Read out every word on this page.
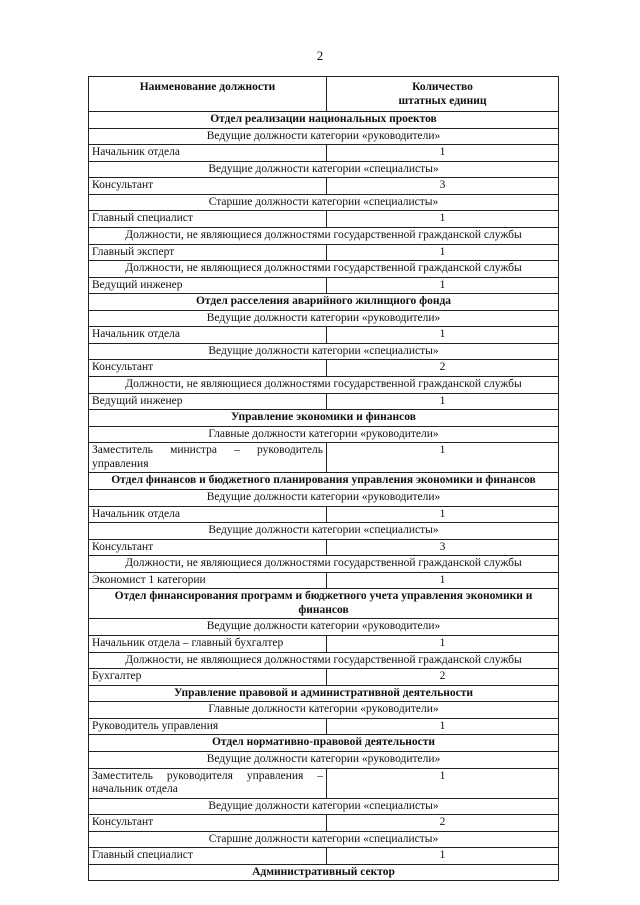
2
Наименование должности	Количество
штатных единиц

Отдел реализации национальных проектов	
Ведущие должности категории «руководители»	
Начальник отдела	1
Ведущие должности категории «специалисты»	
Консультант	3
Старшие должности категории «специалисты»	
Главный специалист	1
Должности, не являющиеся должностями государственной гражданской службы	
Главный эксперт	1
Должности, не являющиеся должностями государственной гражданской службы	
Ведущий инженер	1
Отдел расселения аварийного жилищного фонда	
Ведущие должности категории «руководители»	
Начальник отдела	1
Ведущие должности категории «специалисты»	
Консультант	2
Должности, не являющиеся должностями государственной гражданской службы	
Ведущий инженер	1
Управление экономики и финансов	
Главные должности категории «руководители»	
Заместитель министра – руководитель управления	1
Отдел финансов и бюджетного планирования управления экономики и финансов	
Ведущие должности категории «руководители»	
Начальник отдела	1
Ведущие должности категории «специалисты»	
Консультант	3
Должности, не являющиеся должностями государственной гражданской службы	
Экономист 1 категории	1
Отдел финансирования программ и бюджетного учета управления экономики и финансов	
Ведущие должности категории «руководители»	
Начальник отдела – главный бухгалтер	1
Должности, не являющиеся должностями государственной гражданской службы	
Бухгалтер	2
Управление правовой и административной деятельности	
Главные должности категории «руководители»	
Руководитель управления	1
Отдел нормативно-правовой деятельности	
Ведущие должности категории «руководители»	
Заместитель руководителя управления – начальник отдела	1
Ведущие должности категории «специалисты»	
Консультант	2
Старшие должности категории «специалисты»	
Главный специалист	1
Административный сектор	
